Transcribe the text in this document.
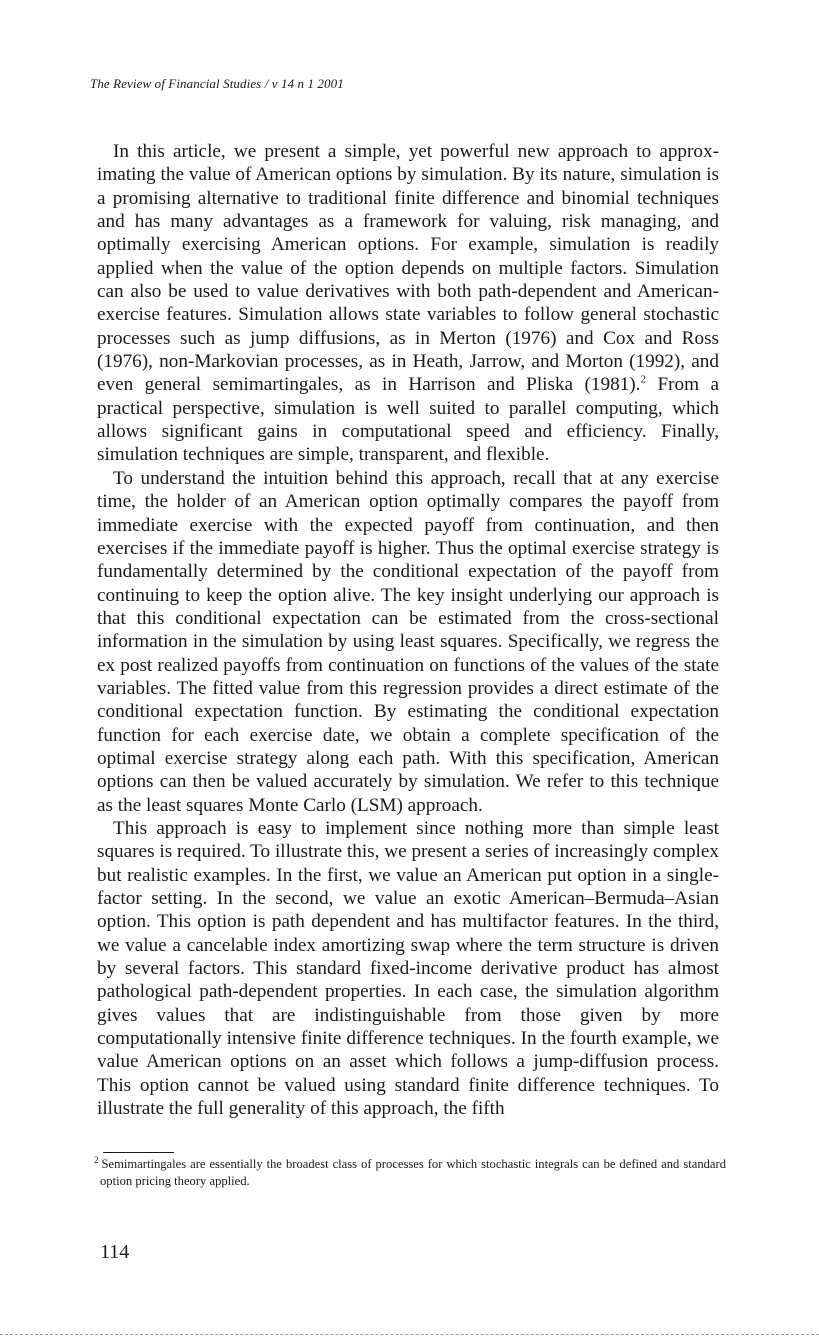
The Review of Financial Studies / v 14 n 1 2001

In this article, we present a simple, yet powerful new approach to approximating the value of American options by simulation. By its nature, simulation is a promising alternative to traditional finite difference and binomial techniques and has many advantages as a framework for valuing, risk managing, and optimally exercising American options. For example, simulation is readily applied when the value of the option depends on multiple factors. Simulation can also be used to value derivatives with both path-dependent and American-exercise features. Simulation allows state variables to follow general stochastic processes such as jump diffusions, as in Merton (1976) and Cox and Ross (1976), non-Markovian processes, as in Heath, Jarrow, and Morton (1992), and even general semimartingales, as in Harrison and Pliska (1981).$^2$ From a practical perspective, simulation is well suited to parallel computing, which allows significant gains in computational speed and efficiency. Finally, simulation techniques are simple, transparent, and flexible.

To understand the intuition behind this approach, recall that at any exercise time, the holder of an American option optimally compares the payoff from immediate exercise with the expected payoff from continuation, and then exercises if the immediate payoff is higher. Thus the optimal exercise strategy is fundamentally determined by the conditional expectation of the payoff from continuing to keep the option alive. The key insight underlying our approach is that this conditional expectation can be estimated from the cross-sectional information in the simulation by using least squares. Specifically, we regress the ex post realized payoffs from continuation on functions of the values of the state variables. The fitted value from this regression provides a direct estimate of the conditional expectation function. By estimating the conditional expectation function for each exercise date, we obtain a complete specification of the optimal exercise strategy along each path. With this specification, American options can then be valued accurately by simulation. We refer to this technique as the least squares Monte Carlo (LSM) approach.

This approach is easy to implement since nothing more than simple least squares is required. To illustrate this, we present a series of increasingly complex but realistic examples. In the first, we value an American put option in a single-factor setting. In the second, we value an exotic American–Bermuda–Asian option. This option is path dependent and has multifactor features. In the third, we value a cancelable index amortizing swap where the term structure is driven by several factors. This standard fixed-income derivative product has almost pathological path-dependent properties. In each case, the simulation algorithm gives values that are indistinguishable from those given by more computationally intensive finite difference techniques. In the fourth example, we value American options on an asset which follows a jump-diffusion process. This option cannot be valued using standard finite difference techniques. To illustrate the full generality of this approach, the fifth

$^2$ Semimartingales are essentially the broadest class of processes for which stochastic integrals can be defined and standard option pricing theory applied.
114
